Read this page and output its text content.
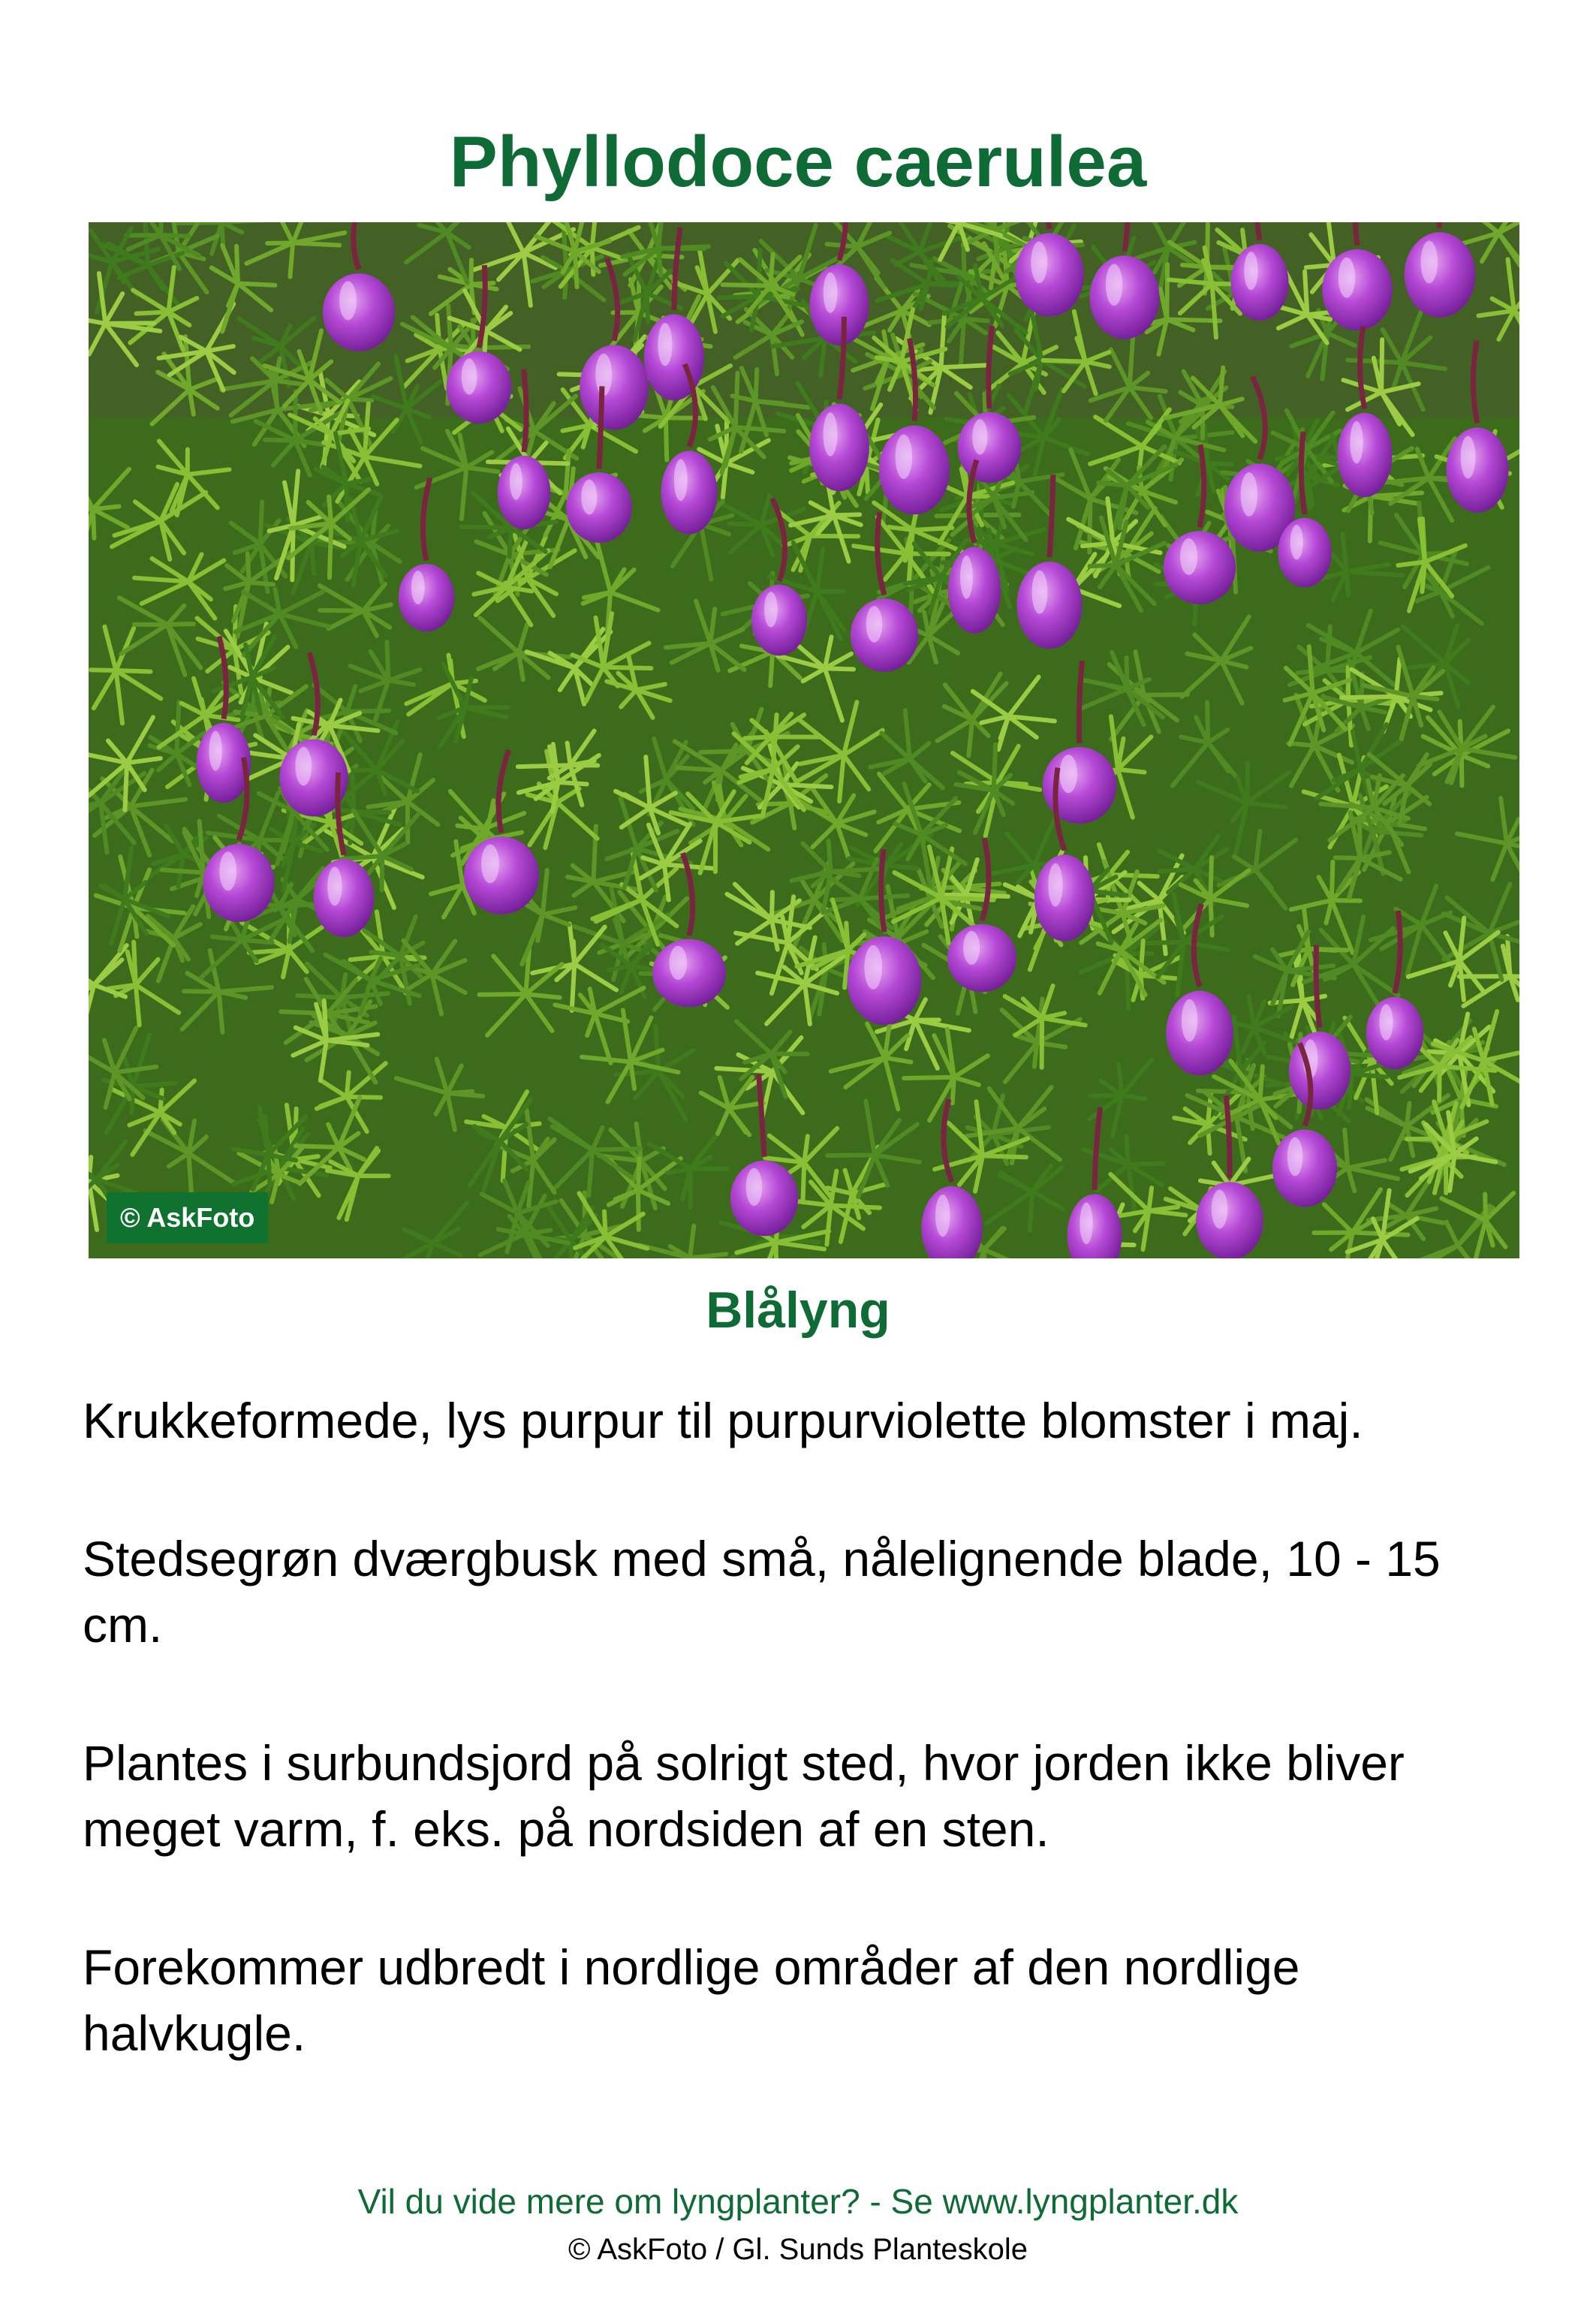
Phyllodoce caerulea
© AskFoto
Blålyng

Krukkeformede, lys purpur til purpurviolette blomster i maj.

Stedsegrøn dværgbusk med små, nålelignende blade, 10 - 15 cm.

Plantes i surbundsjord på solrigt sted, hvor jorden ikke bliver meget varm, f. eks. på nordsiden af en sten.

Forekommer udbredt i nordlige områder af den nordlige halvkugle.

Vil du vide mere om lyngplanter? - Se www.lyngplanter.dk
© AskFoto / Gl. Sunds Planteskole
